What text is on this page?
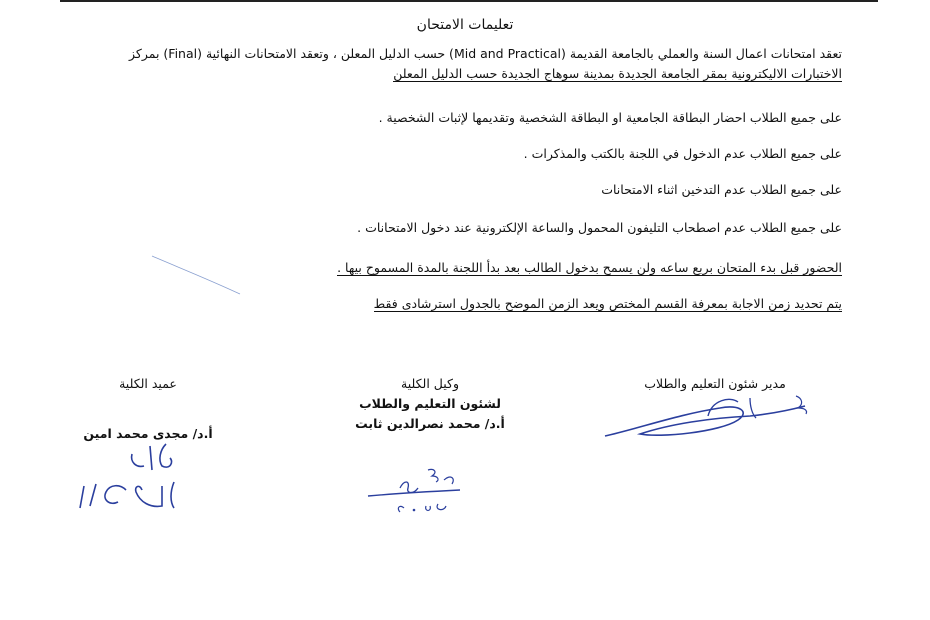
تعليمات الامتحان
تعقد امتحانات اعمال السنة والعملي بالجامعة القديمة (Mid and Practical) حسب الدليل المعلن ، وتعقد الامتحانات النهائية (Final) بمركز
الاختبارات الاليكترونية بمقر الجامعة الجديدة بمدينة سوهاج الجديدة حسب الدليل المعلن
على جميع الطلاب احضار البطاقة الجامعية او البطاقة الشخصية وتقديمها لإثبات الشخصية .
على جميع الطلاب عدم الدخول في اللجنة بالكتب والمذكرات .
على جميع الطلاب عدم التدخين اثناء الامتحانات
على جميع الطلاب عدم اصطحاب التليفون المحمول والساعة الإلكترونية عند دخول الامتحانات .
الحضور قبل بدء المتحان بربع ساعه ولن يسمح بدخول الطالب بعد بدأ اللجنة بالمدة المسموح بيها .
يتم تحديد زمن الاجابة بمعرفة القسم المختص ويعد الزمن الموضح بالجدول استرشادى فقط
مدير شئون التعليم والطلاب
وكيل الكلية
لشئون التعليم والطلاب
أ.د/ محمد نصرالدين ثابت
عميد الكلية
أ.د/ مجدى محمد امين
